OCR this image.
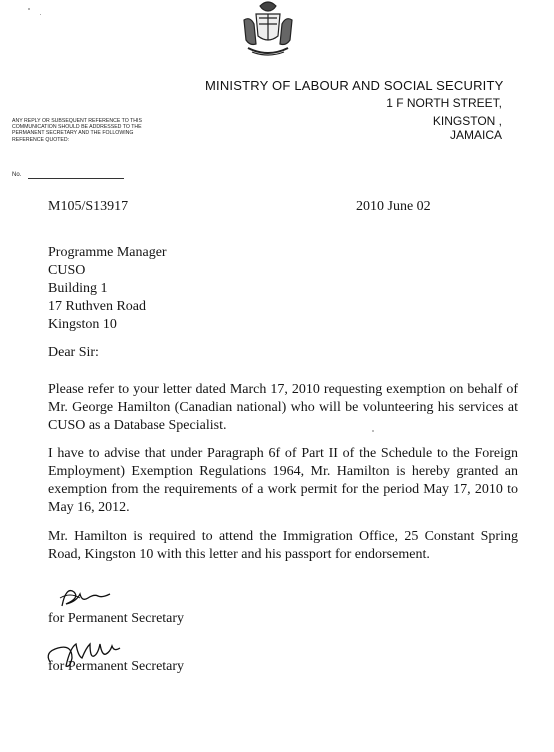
MINISTRY OF LABOUR AND SOCIAL SECURITY
1 F NORTH STREET,
KINGSTON ,
JAMAICA
ANY REPLY OR SUBSEQUENT REFERENCE TO THIS COMMUNICATION SHOULD BE ADDRESSED TO THE PERMANENT SECRETARY AND THE FOLLOWING REFERENCE QUOTED:
No.
M105/S13917	2010 June 02
Programme Manager
CUSO
Building 1
17 Ruthven Road
Kingston 10
Dear Sir:
Please refer to your letter dated March 17, 2010 requesting exemption on behalf of Mr. George Hamilton (Canadian national) who will be volunteering his services at CUSO as a Database Specialist.
I have to advise that under Paragraph 6f of Part II of the Schedule to the Foreign Employment) Exemption Regulations 1964, Mr. Hamilton is hereby granted an exemption from the requirements of a work permit for the period May 17, 2010 to May 16, 2012.
Mr. Hamilton is required to attend the Immigration Office, 25 Constant Spring Road, Kingston 10 with this letter and his passport for endorsement.
for Permanent Secretary
for Permanent Secretary
